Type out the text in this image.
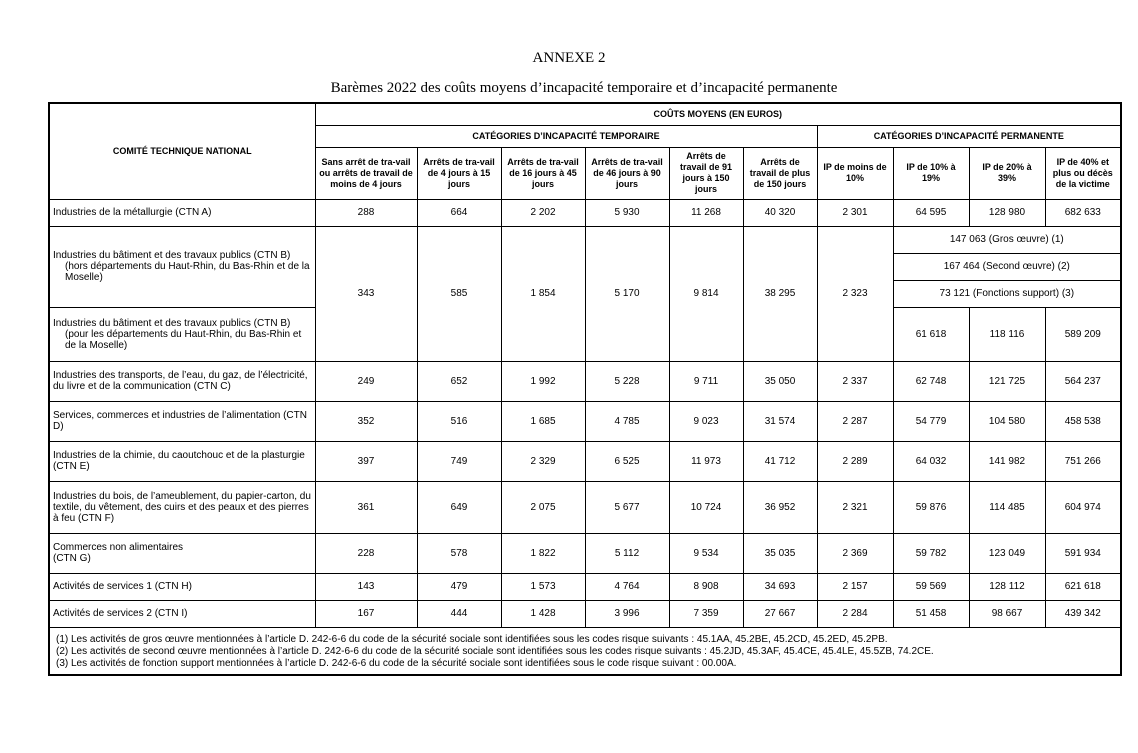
ANNEXE 2
Barèmes 2022 des coûts moyens d’incapacité temporaire et d’incapacité permanente
COMITÉ TECHNIQUE NATIONAL	COÛTS MOYENS (EN EUROS)									
	CATÉGORIES D’INCAPACITÉ TEMPORAIRE						CATÉGORIES D’INCAPACITÉ PERMANENTE			
	Sans arrêt de tra-vail ou arrêts de travail de moins de 4 jours	Arrêts de tra-vail de 4 jours à 15 jours	Arrêts de tra-vail de 16 jours à 45 jours	Arrêts de tra-vail de 46 jours à 90 jours	Arrêts de travail de 91 jours à 150 jours	Arrêts de travail de plus de 150 jours	IP de moins de 10%	IP de 10% à 19%	IP de 20% à 39%	IP de 40% et plus ou décès de la victime
Industries de la métallurgie (CTN A)	288	664	2 202	5 930	11 268	40 320	2 301	64 595	128 980	682 633
Industries du bâtiment et des travaux publics (CTN B)
(hors départements du Haut-Rhin, du Bas-Rhin et de la Moselle)	343	585	1 854	5 170	9 814	38 295	2 323	147 063 (Gros œuvre) (1)		
								167 464 (Second œuvre) (2)		
								73 121 (Fonctions support) (3)		
Industries du bâtiment et des travaux publics (CTN B)
(pour les départements du Haut-Rhin, du Bas-Rhin et de la Moselle)								61 618	118 116	589 209
Industries des transports, de l’eau, du gaz, de l’électricité, du livre et de la communication (CTN C)	249	652	1 992	5 228	9 711	35 050	2 337	62 748	121 725	564 237
Services, commerces et industries de l’alimentation (CTN D)	352	516	1 685	4 785	9 023	31 574	2 287	54 779	104 580	458 538
Industries de la chimie, du caoutchouc et de la plasturgie (CTN E)	397	749	2 329	6 525	11 973	41 712	2 289	64 032	141 982	751 266
Industries du bois, de l’ameublement, du papier-carton, du textile, du vêtement, des cuirs et des peaux et des pierres à feu (CTN F)	361	649	2 075	5 677	10 724	36 952	2 321	59 876	114 485	604 974
Commerces non alimentaires
(CTN G)	228	578	1 822	5 112	9 534	35 035	2 369	59 782	123 049	591 934
Activités de services 1 (CTN H)	143	479	1 573	4 764	8 908	34 693	2 157	59 569	128 112	621 618
Activités de services 2 (CTN I)	167	444	1 428	3 996	7 359	27 667	2 284	51 458	98 667	439 342

(1) Les activités de gros œuvre mentionnées à l’article D. 242-6-6 du code de la sécurité sociale sont identifiées sous les codes risque suivants : 45.1AA, 45.2BE, 45.2CD, 45.2ED, 45.2PB.
(2) Les activités de second œuvre mentionnées à l’article D. 242-6-6 du code de la sécurité sociale sont identifiées sous les codes risque suivants : 45.2JD, 45.3AF, 45.4CE, 45.4LE, 45.5ZB, 74.2CE.
(3) Les activités de fonction support mentionnées à l’article D. 242-6-6 du code de la sécurité sociale sont identifiées sous le code risque suivant : 00.00A.										
